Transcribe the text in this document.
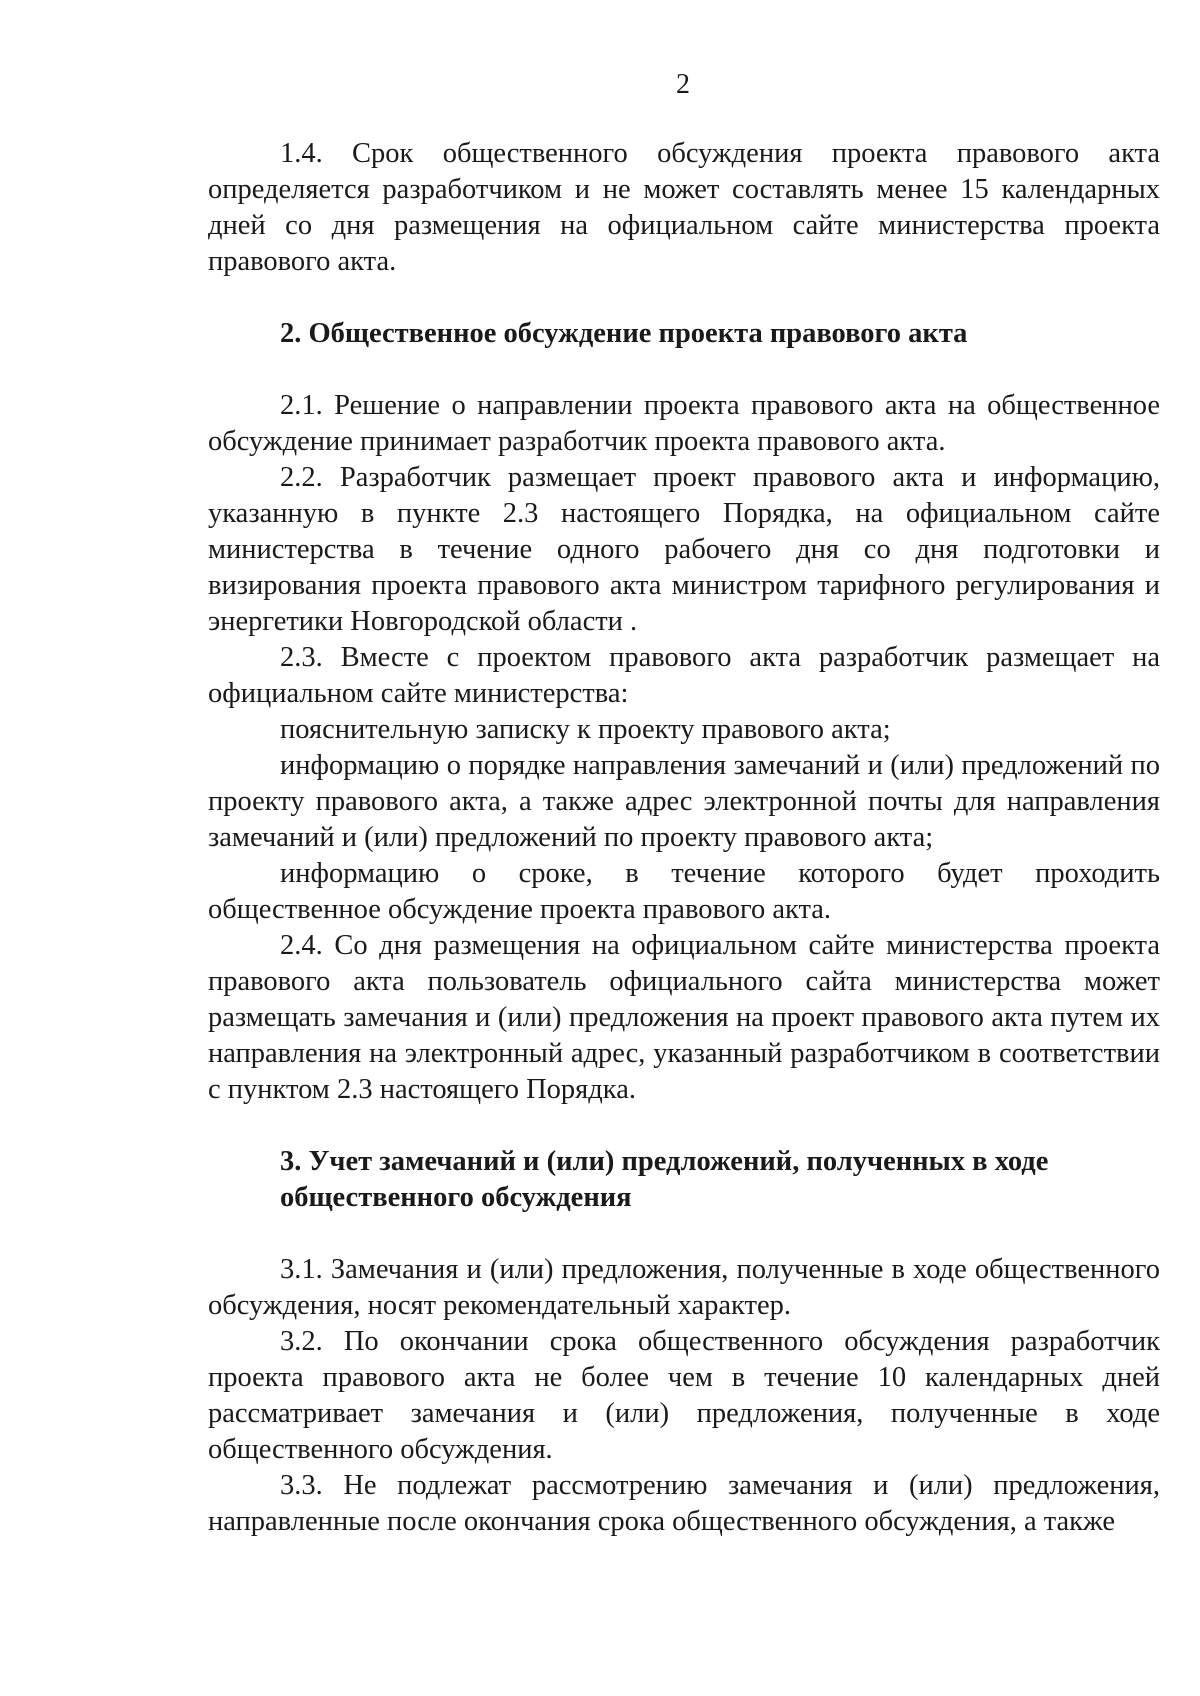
2

1.4. Срок общественного обсуждения проекта правового акта определяется разработчиком и не может составлять менее 15 календарных дней со дня размещения на официальном сайте министерства проекта правового акта.

2. Общественное обсуждение проекта правового акта

2.1. Решение о направлении проекта правового акта на общественное обсуждение принимает разработчик проекта правового акта.

2.2. Разработчик размещает проект правового акта и информацию, указанную в пункте 2.3 настоящего Порядка, на официальном сайте министерства в течение одного рабочего дня со дня подготовки и визирования проекта правового акта министром тарифного регулирования и энергетики Новгородской области .

2.3. Вместе с проектом правового акта разработчик размещает на официальном сайте министерства:

пояснительную записку к проекту правового акта;

информацию о порядке направления замечаний и (или) предложений по проекту правового акта, а также адрес электронной почты для направления замечаний и (или) предложений по проекту правового акта;

информацию о сроке, в течение которого будет проходить общественное обсуждение проекта правового акта.

2.4. Со дня размещения на официальном сайте министерства проекта правового акта пользователь официального сайта министерства может размещать замечания и (или) предложения на проект правового акта путем их направления на электронный адрес, указанный разработчиком в соответствии с пунктом 2.3 настоящего Порядка.

3. Учет замечаний и (или) предложений, полученных в ходе
общественного обсуждения

3.1. Замечания и (или) предложения, полученные в ходе общественного обсуждения, носят рекомендательный характер.

3.2. По окончании срока общественного обсуждения разработчик проекта правового акта не более чем в течение 10 календарных дней рассматривает замечания и (или) предложения, полученные в ходе общественного обсуждения.

3.3. Не подлежат рассмотрению замечания и (или) предложения, направленные после окончания срока общественного обсуждения, а также
